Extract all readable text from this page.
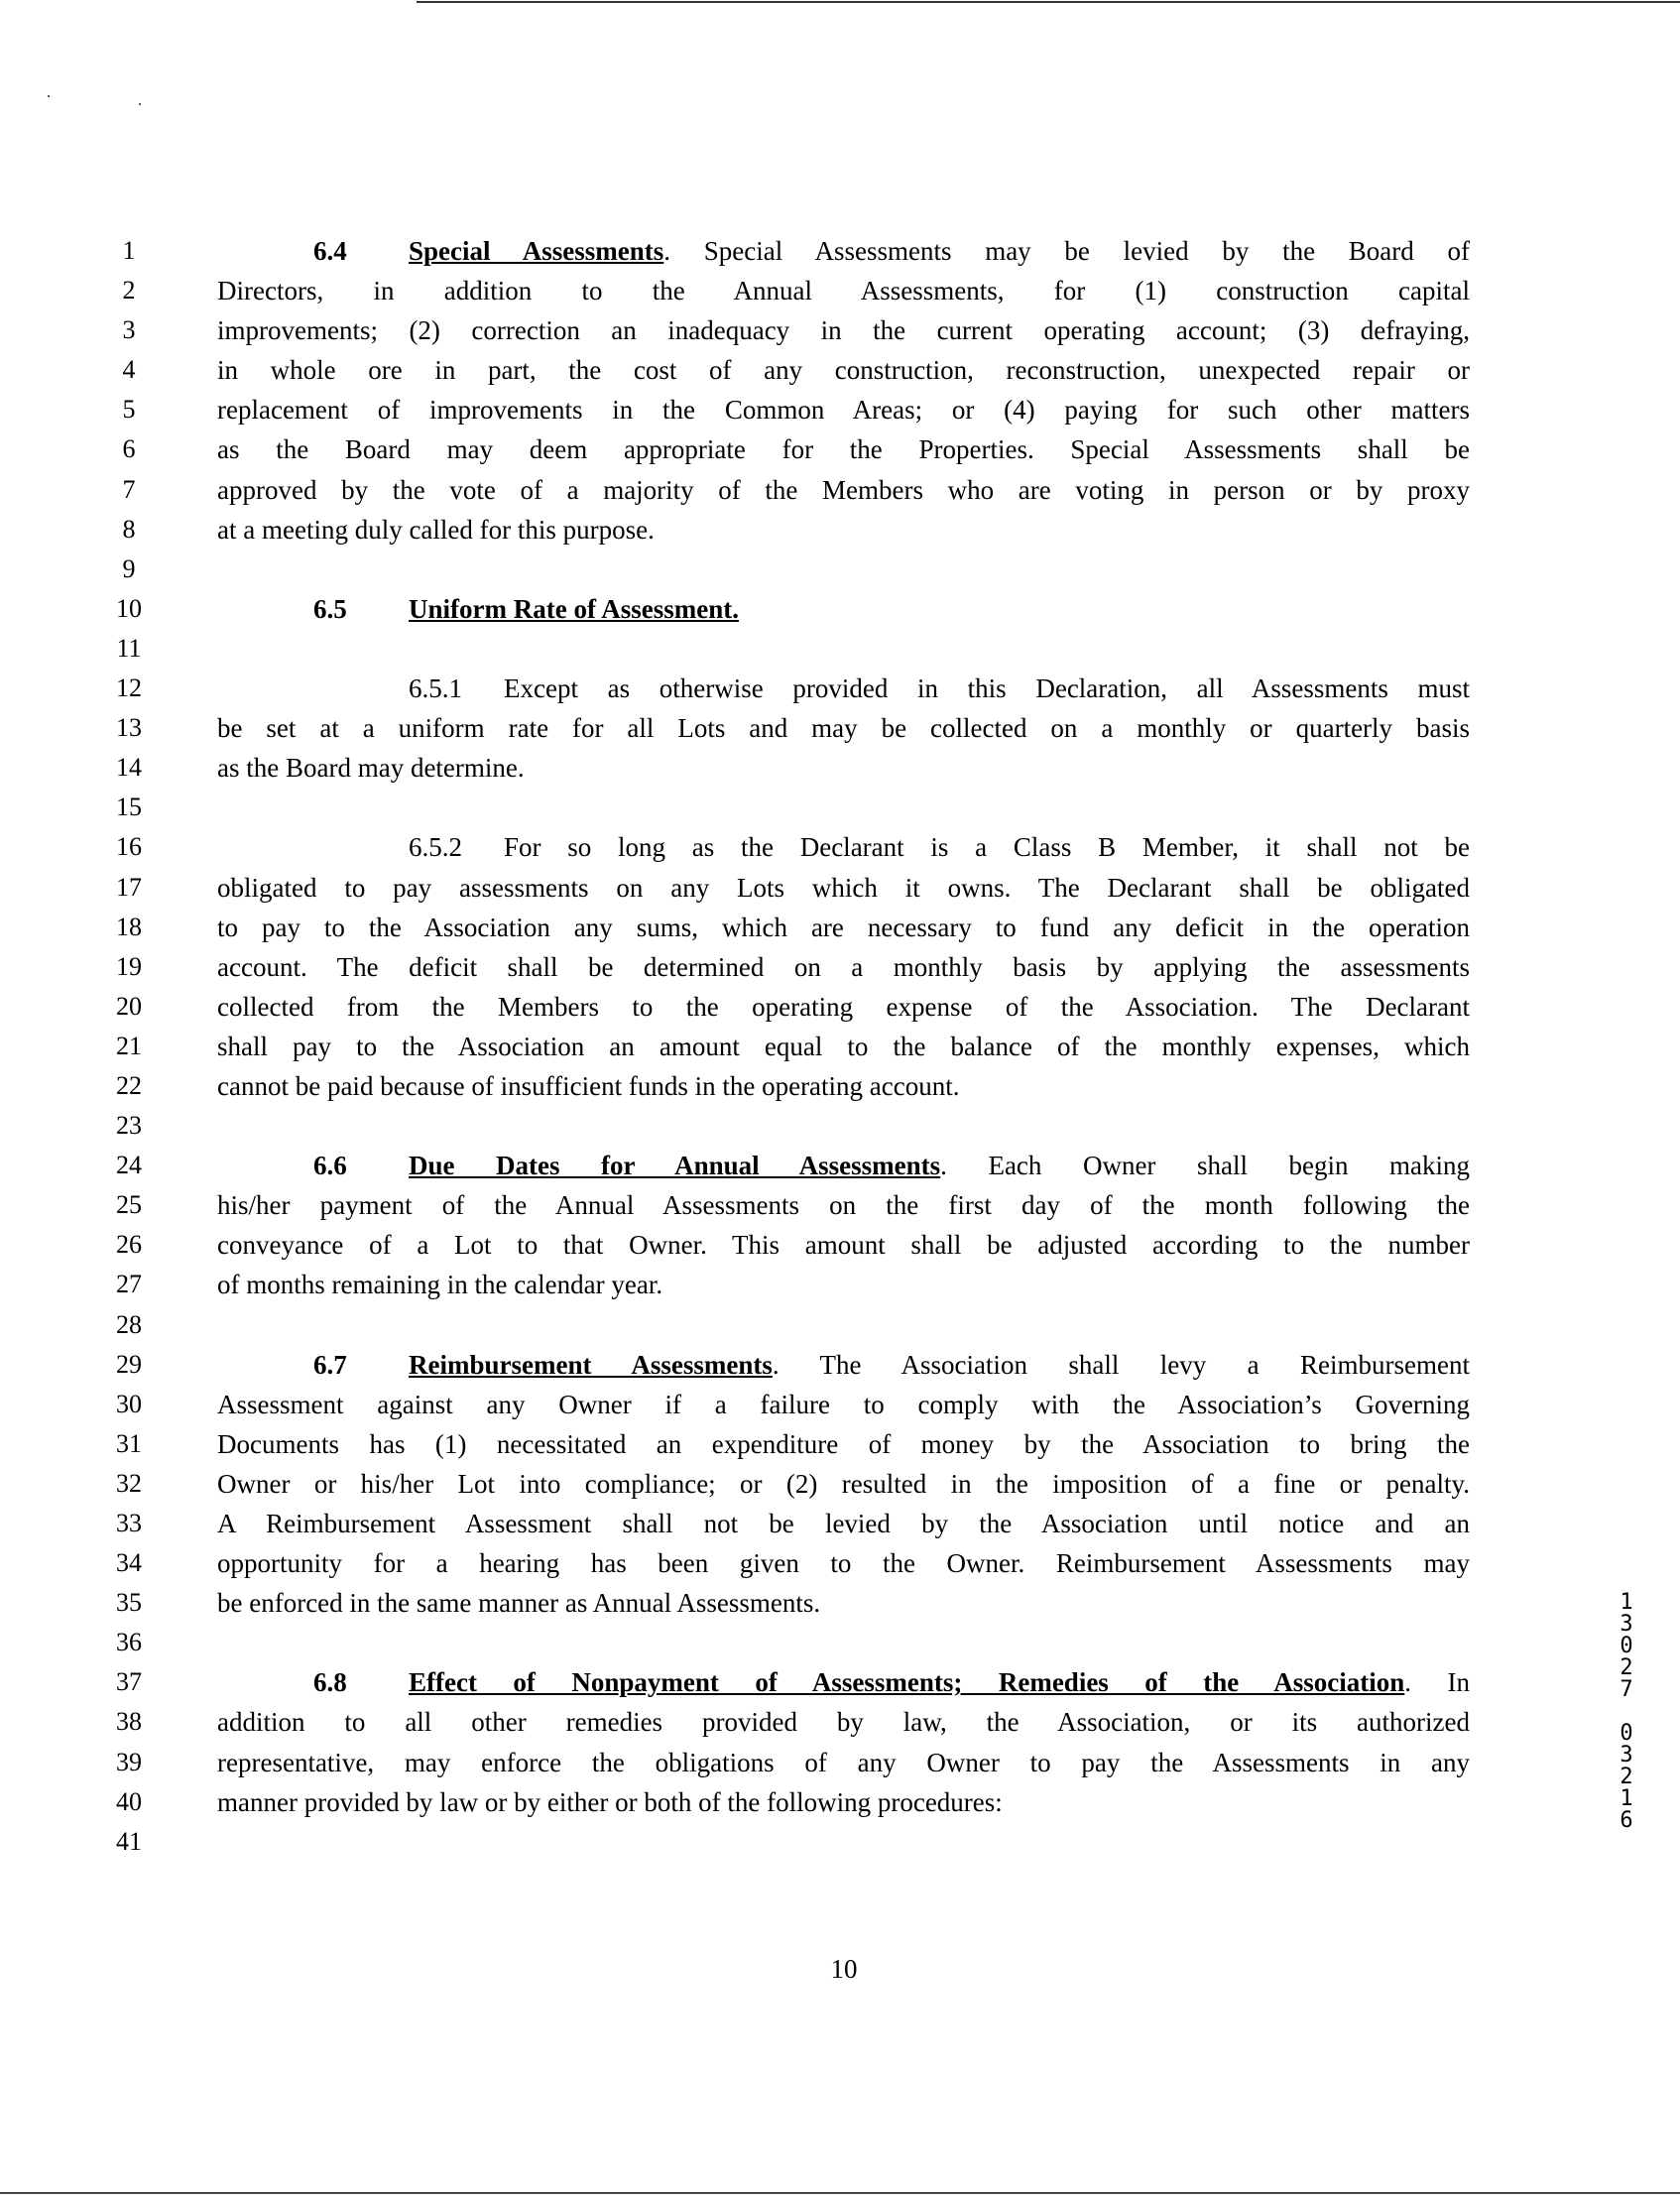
1	6.4 Special Assessments. Special Assessments may be levied by the Board of
2	Directors, in addition to the Annual Assessments, for (1) construction capital
3	improvements; (2) correction an inadequacy in the current operating account; (3) defraying,
4	in whole ore in part, the cost of any construction, reconstruction, unexpected repair or
5	replacement of improvements in the Common Areas; or (4) paying for such other matters
6	as the Board may deem appropriate for the Properties. Special Assessments shall be
7	approved by the vote of a majority of the Members who are voting in person or by proxy
8	at a meeting duly called for this purpose.
9
10	6.5 Uniform Rate of Assessment.
11
12	6.5.1 Except as otherwise provided in this Declaration, all Assessments must
13	be set at a uniform rate for all Lots and may be collected on a monthly or quarterly basis
14	as the Board may determine.
15
16	6.5.2 For so long as the Declarant is a Class B Member, it shall not be
17	obligated to pay assessments on any Lots which it owns. The Declarant shall be obligated
18	to pay to the Association any sums, which are necessary to fund any deficit in the operation
19	account. The deficit shall be determined on a monthly basis by applying the assessments
20	collected from the Members to the operating expense of the Association. The Declarant
21	shall pay to the Association an amount equal to the balance of the monthly expenses, which
22	cannot be paid because of insufficient funds in the operating account.
23
24	6.6 Due Dates for Annual Assessments. Each Owner shall begin making
25	his/her payment of the Annual Assessments on the first day of the month following the
26	conveyance of a Lot to that Owner. This amount shall be adjusted according to the number
27	of months remaining in the calendar year.
28
29	6.7 Reimbursement Assessments. The Association shall levy a Reimbursement
30	Assessment against any Owner if a failure to comply with the Association’s Governing
31	Documents has (1) necessitated an expenditure of money by the Association to bring the
32	Owner or his/her Lot into compliance; or (2) resulted in the imposition of a fine or penalty.
33	A Reimbursement Assessment shall not be levied by the Association until notice and an
34	opportunity for a hearing has been given to the Owner. Reimbursement Assessments may
35	be enforced in the same manner as Annual Assessments.
36
37	6.8 Effect of Nonpayment of Assessments; Remedies of the Association. In
38	addition to all other remedies provided by law, the Association, or its authorized
39	representative, may enforce the obligations of any Owner to pay the Assessments in any
40	manner provided by law or by either or both of the following procedures:
41
10
13027
03216
